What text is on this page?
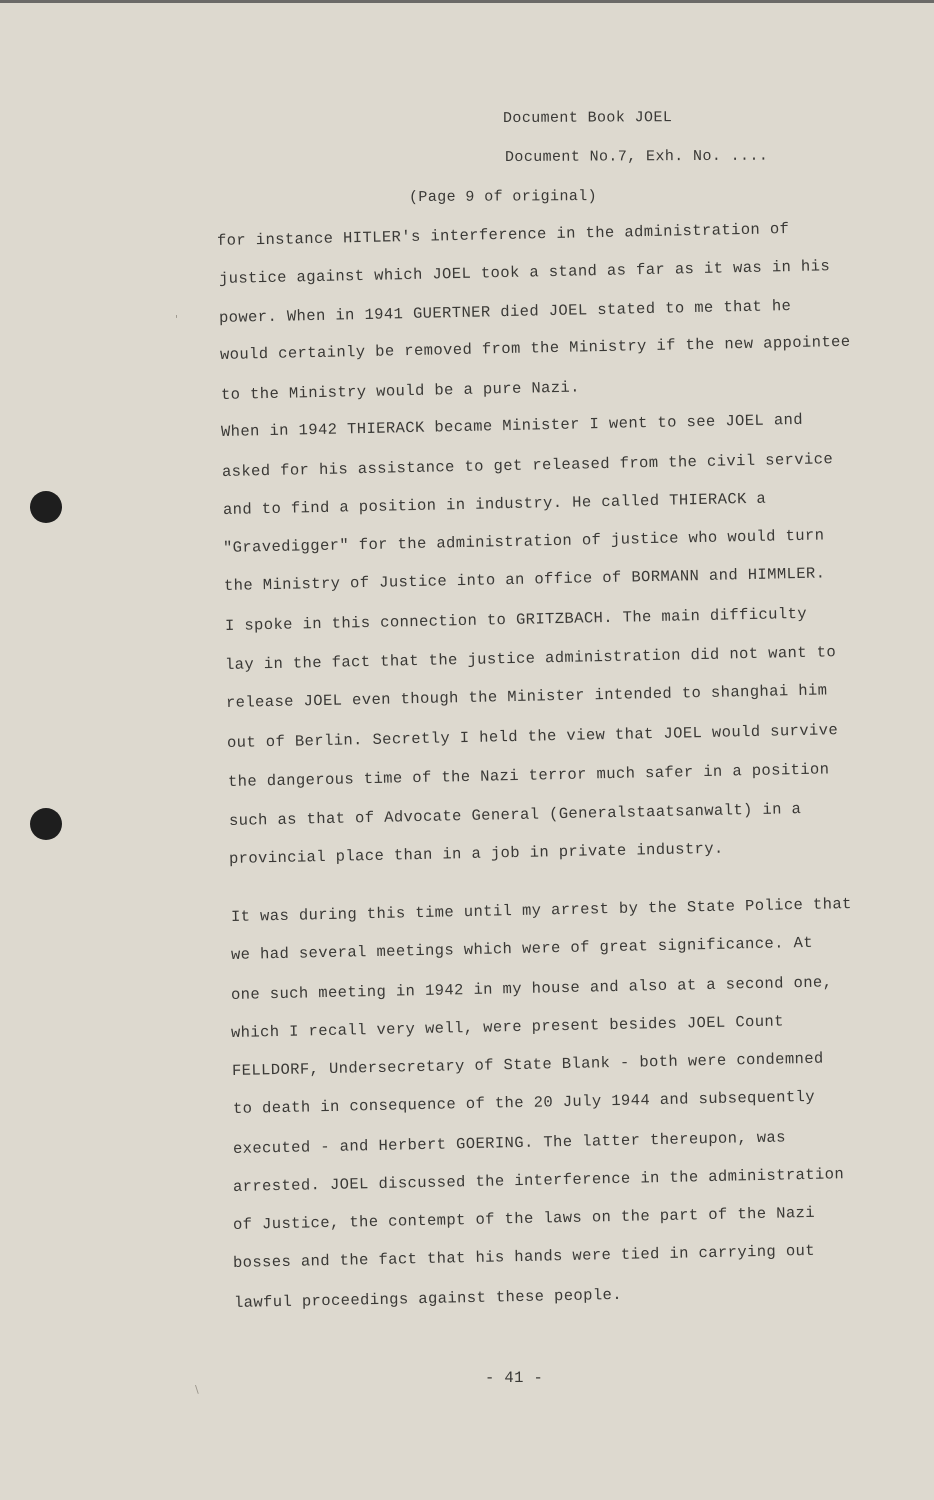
'
\
Document Book JOEL
Document No.7, Exh. No. ....
(Page 9 of original)
for instance HITLER's interference in the administration of
justice against which JOEL took a stand as far as it was in his
power. When in 1941 GUERTNER died JOEL stated to me that he
would certainly be removed from the Ministry if the new appointee
to the Ministry would be a pure Nazi.
When in 1942 THIERACK became Minister I went to see JOEL and
asked for his assistance to get released from the civil service
and to find a position in industry. He called THIERACK a
"Gravedigger" for the administration of justice who would turn
the Ministry of Justice into an office of BORMANN and HIMMLER.
I spoke in this connection to GRITZBACH. The main difficulty
lay in the fact that the justice administration did not want to
release JOEL even though the Minister intended to shanghai him
out of Berlin. Secretly I held the view that JOEL would survive
the dangerous time of the Nazi terror much safer in a position
such as that of Advocate General (Generalstaatsanwalt) in a
provincial place than in a job in private industry.
It was during this time until my arrest by the State Police that
we had several meetings which were of great significance. At
one such meeting in 1942 in my house and also at a second one,
which I recall very well, were present besides JOEL Count
FELLDORF, Undersecretary of State Blank - both were condemned
to death in consequence of the 20 July 1944 and subsequently
executed - and Herbert GOERING. The latter thereupon, was
arrested. JOEL discussed the interference in the administration
of Justice, the contempt of the laws on the part of the Nazi
bosses and the fact that his hands were tied in carrying out
lawful proceedings against these people.
- 41 -
